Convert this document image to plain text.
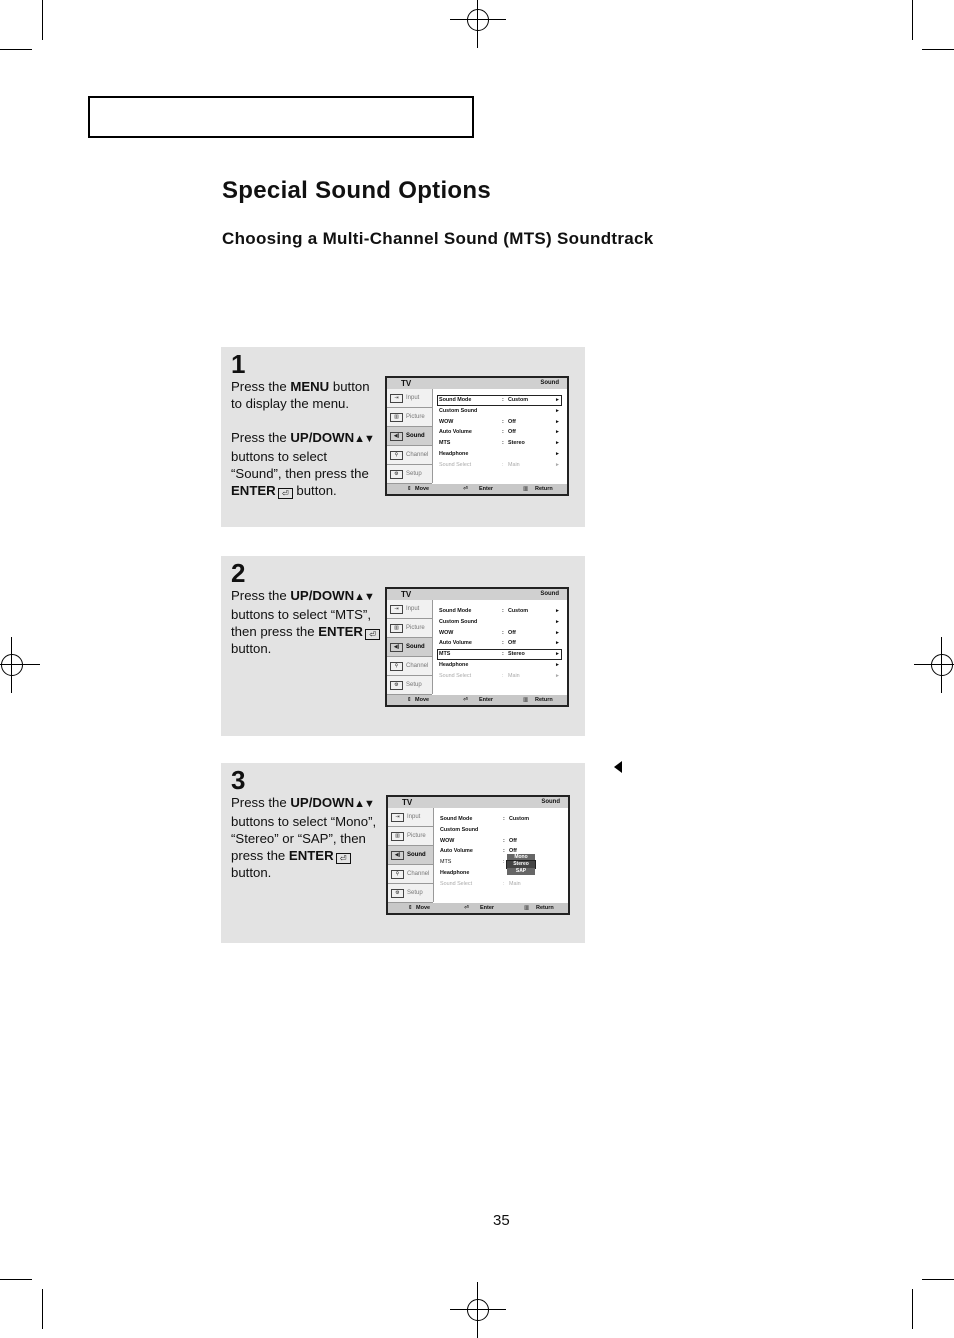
Special Sound Options
Choosing a Multi-Channel Sound (MTS) Soundtrack
1

Press the MENU button to display the menu.

Press the UP/DOWN▲▼ buttons to select “Sound”, then press the ENTER ⏎ button.

TV	Sound
⇥	Input
▥	Picture
◀)	Sound
⚲	Channel
⚙	Setup
Sound Mode	: Custom	►
Custom Sound	►
WOW	: Off	►
Auto Volume	: Off	►
MTS	: Stereo	►
Headphone	►
Sound Select	: Main	►
⇕ Move	⏎ Enter	▥ Return
2

Press the UP/DOWN▲▼ buttons to select “MTS”, then press the ENTER ⏎ button.

TV	Sound
⇥	Input
▥	Picture
◀)	Sound
⚲	Channel
⚙	Setup
Sound Mode	: Custom	►
Custom Sound	►
WOW	: Off	►
Auto Volume	: Off	►
MTS	: Stereo	►
Headphone	►
Sound Select	: Main	►
⇕ Move	⏎ Enter	▥ Return
3

Press the UP/DOWN▲▼ buttons to select “Mono”, “Stereo” or “SAP”, then press the ENTER ⏎ button.

TV	Sound
⇥	Input
▥	Picture
◀)	Sound
⚲	Channel
⚙	Setup
Sound Mode	: Custom
Custom Sound
WOW	: Off
Auto Volume	: Off
MTS	:
Headphone
Sound Select	: Main
Mono
Stereo
SAP
⇕ Move	⏎ Enter	▥ Return
35
